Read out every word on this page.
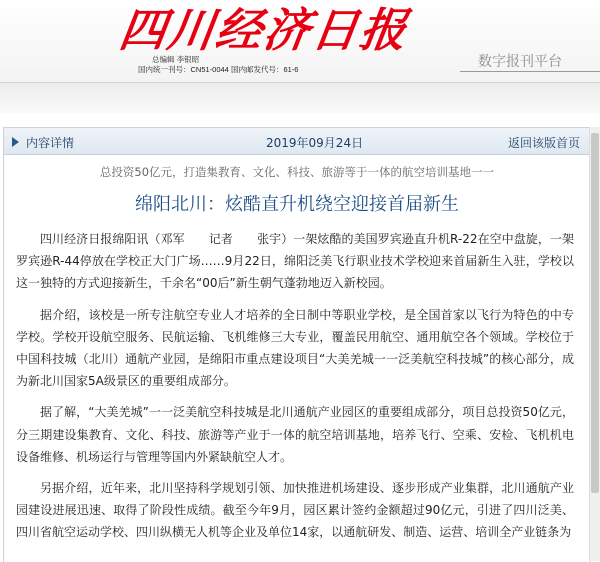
四川经济日报
总编辑 李银昭
国内统一刊号：CN51-0044 国内邮发代号：61-6	数字报刊平台
内容详情	2019年09月24日	返回该版首页
总投资50亿元，打造集教育、文化、科技、旅游等于一体的航空培训基地一一
绵阳北川：炫酷直升机绕空迎接首届新生

四川经济日报绵阳讯（邓军　　记者　　张宇）一架炫酷的美国罗宾逊直升机R-22在空中盘旋，一架罗宾逊R-44停放在学校正大门广场……9月22日，绵阳泛美飞行职业技术学校迎来首届新生入驻，学校以这一独特的方式迎接新生，千余名“00后”新生朝气蓬勃地迈入新校园。

据介绍，该校是一所专注航空专业人才培养的全日制中等职业学校，是全国首家以飞行为特色的中专学校。学校开设航空服务、民航运输、飞机维修三大专业，覆盖民用航空、通用航空各个领域。学校位于中国科技城（北川）通航产业园，是绵阳市重点建设项目“大美羌城一一泛美航空科技城”的核心部分，成为新北川国家5A级景区的重要组成部分。

据了解，“大美羌城”一一泛美航空科技城是北川通航产业园区的重要组成部分，项目总投资50亿元，分三期建设集教育、文化、科技、旅游等产业于一体的航空培训基地，培养飞行、空乘、安检、飞机机电设备维修、机场运行与管理等国内外紧缺航空人才。

另据介绍，近年来，北川坚持科学规划引领、加快推进机场建设、逐步形成产业集群，北川通航产业园建设进展迅速、取得了阶段性成绩。截至今年9月，园区累计签约金额超过90亿元，引进了四川泛美、四川省航空运动学校、四川纵横无人机等企业及单位14家，以通航研发、制造、运营、培训全产业链条为
